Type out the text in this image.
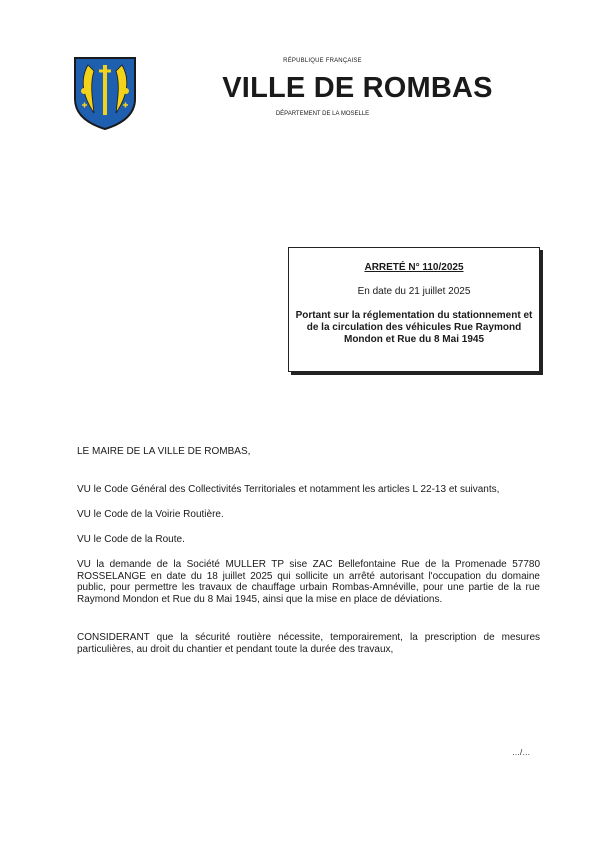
RÉPUBLIQUE FRANÇAISE
VILLE DE ROMBAS
DÉPARTEMENT DE LA MOSELLE
ARRETÉ N° 110/2025
En date du 21 juillet 2025
Portant sur la réglementation du stationnement et de la circulation des véhicules Rue Raymond Mondon et Rue du 8 Mai 1945
LE MAIRE DE LA VILLE DE ROMBAS,
VU le Code Général des Collectivités Territoriales et notamment les articles L 22-13 et suivants,
VU le Code de la Voirie Routière.
VU le Code de la Route.
VU la demande de la Société MULLER TP sise ZAC Bellefontaine Rue de la Promenade 57780 ROSSELANGE en date du 18 juillet 2025 qui sollicite un arrêté autorisant l'occupation du domaine public, pour permettre les travaux de chauffage urbain Rombas-Amnéville, pour une partie de la rue Raymond Mondon et Rue du 8 Mai 1945, ainsi que la mise en place de déviations.
CONSIDERANT que la sécurité routière nécessite, temporairement, la prescription de mesures particulières, au droit du chantier et pendant toute la durée des travaux,
…/…
